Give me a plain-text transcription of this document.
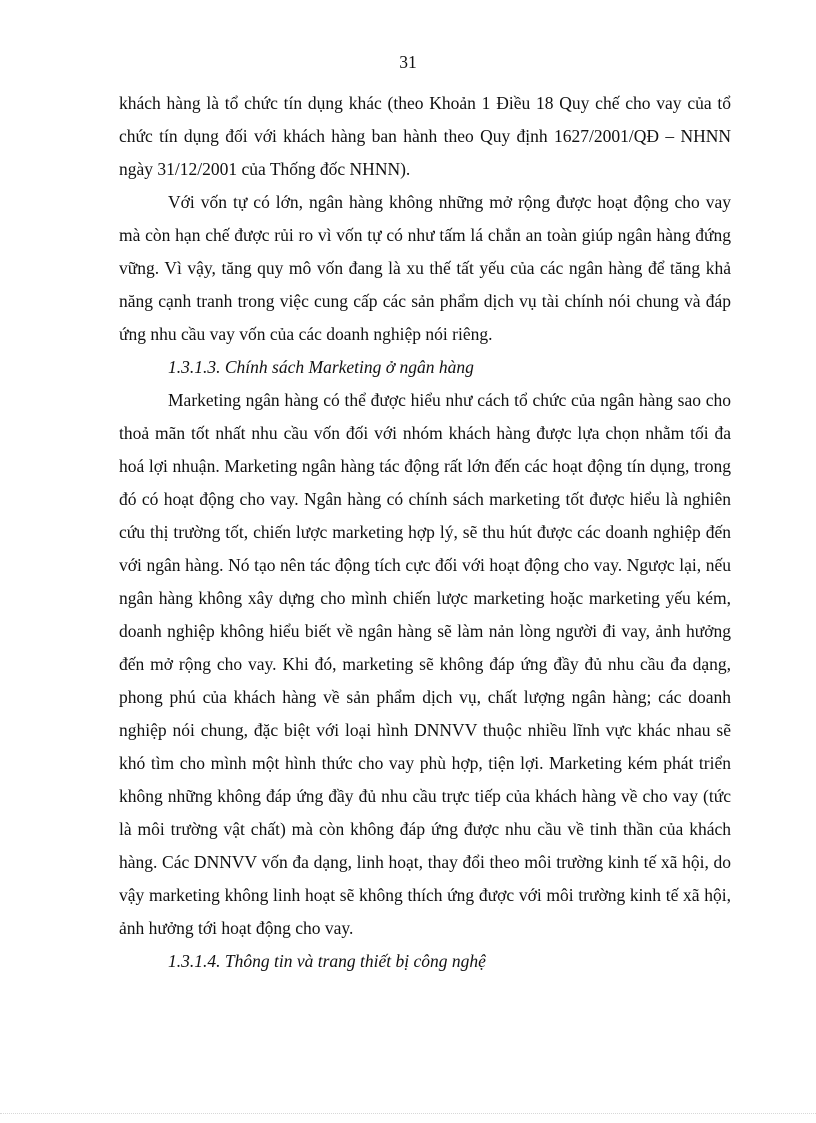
31

khách hàng là tổ chức tín dụng khác (theo Khoản 1 Điều 18 Quy chế cho vay của tổ chức tín dụng đối với khách hàng ban hành theo Quy định 1627/2001/QĐ – NHNN ngày 31/12/2001 của Thống đốc NHNN).

Với vốn tự có lớn, ngân hàng không những mở rộng được hoạt động cho vay mà còn hạn chế được rủi ro vì vốn tự có như tấm lá chắn an toàn giúp ngân hàng đứng vững. Vì vậy, tăng quy mô vốn đang là xu thế tất yếu của các ngân hàng để tăng khả năng cạnh tranh trong việc cung cấp các sản phẩm dịch vụ tài chính nói chung và đáp ứng nhu cầu vay vốn của các doanh nghiệp nói riêng.

1.3.1.3. Chính sách Marketing ở ngân hàng

Marketing ngân hàng có thể được hiểu như cách tổ chức của ngân hàng sao cho thoả mãn tốt nhất nhu cầu vốn đối với nhóm khách hàng được lựa chọn nhằm tối đa hoá lợi nhuận. Marketing ngân hàng tác động rất lớn đến các hoạt động tín dụng, trong đó có hoạt động cho vay. Ngân hàng có chính sách marketing tốt được hiểu là nghiên cứu thị trường tốt, chiến lược marketing hợp lý, sẽ thu hút được các doanh nghiệp đến với ngân hàng. Nó tạo nên tác động tích cực đối với hoạt động cho vay. Ngược lại, nếu ngân hàng không xây dựng cho mình chiến lược marketing hoặc marketing yếu kém, doanh nghiệp không hiểu biết về ngân hàng sẽ làm nản lòng người đi vay, ảnh hưởng đến mở rộng cho vay. Khi đó, marketing sẽ không đáp ứng đầy đủ nhu cầu đa dạng, phong phú của khách hàng về sản phẩm dịch vụ, chất lượng ngân hàng; các doanh nghiệp nói chung, đặc biệt với loại hình DNNVV thuộc nhiều lĩnh vực khác nhau sẽ khó tìm cho mình một hình thức cho vay phù hợp, tiện lợi. Marketing kém phát triển không những không đáp ứng đầy đủ nhu cầu trực tiếp của khách hàng về cho vay (tức là môi trường vật chất) mà còn không đáp ứng được nhu cầu về tinh thần của khách hàng. Các DNNVV vốn đa dạng, linh hoạt, thay đổi theo môi trường kinh tế xã hội, do vậy marketing không linh hoạt sẽ không thích ứng được với môi trường kinh tế xã hội, ảnh hưởng tới hoạt động cho vay.

1.3.1.4. Thông tin và trang thiết bị công nghệ
